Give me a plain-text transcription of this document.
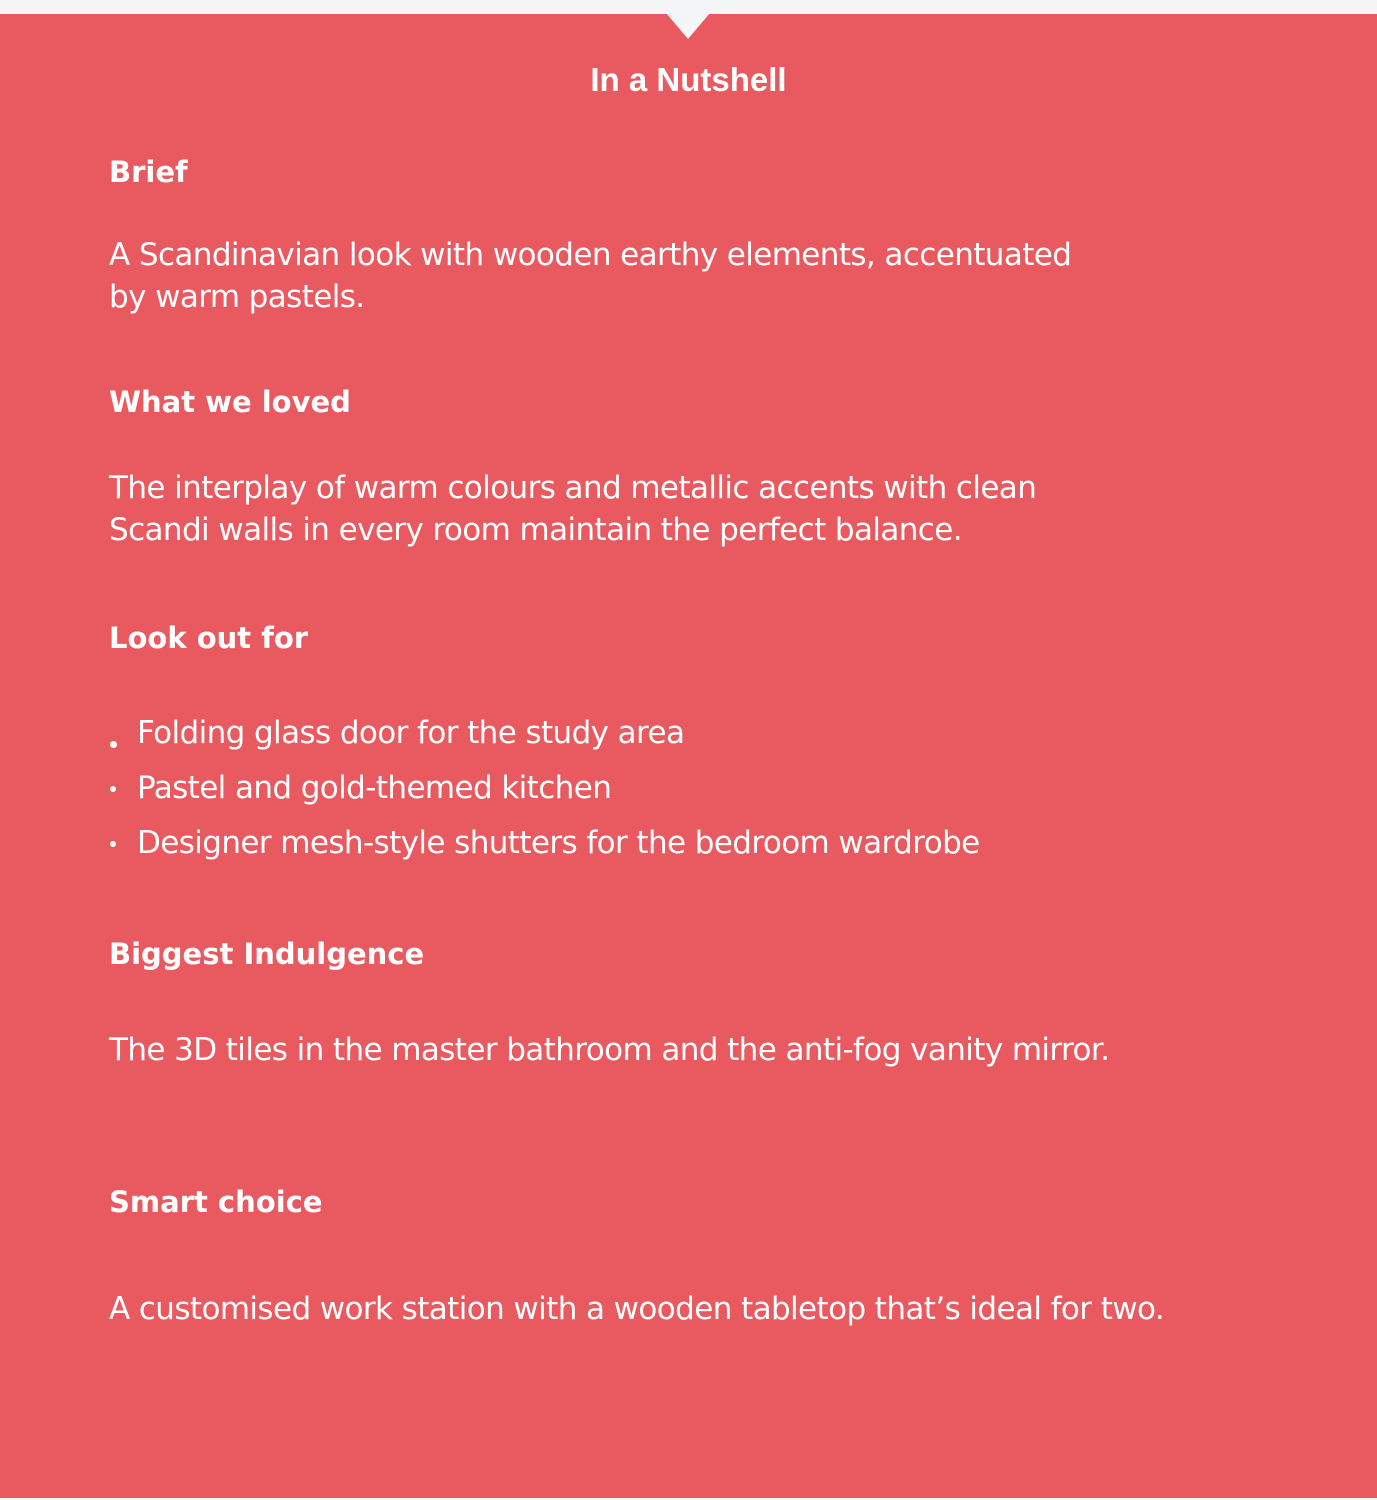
In a Nutshell
Brief

A Scandinavian look with wooden earthy elements, accentuated
by warm pastels.

What we loved

The interplay of warm colours and metallic accents with clean
Scandi walls in every room maintain the perfect balance.

Look out for
Folding glass door for the study area
Pastel and gold-themed kitchen
Designer mesh-style shutters for the bedroom wardrobe
Biggest Indulgence

The 3D tiles in the master bathroom and the anti-fog vanity mirror.

Smart choice

A customised work station with a wooden tabletop that’s ideal for two.
